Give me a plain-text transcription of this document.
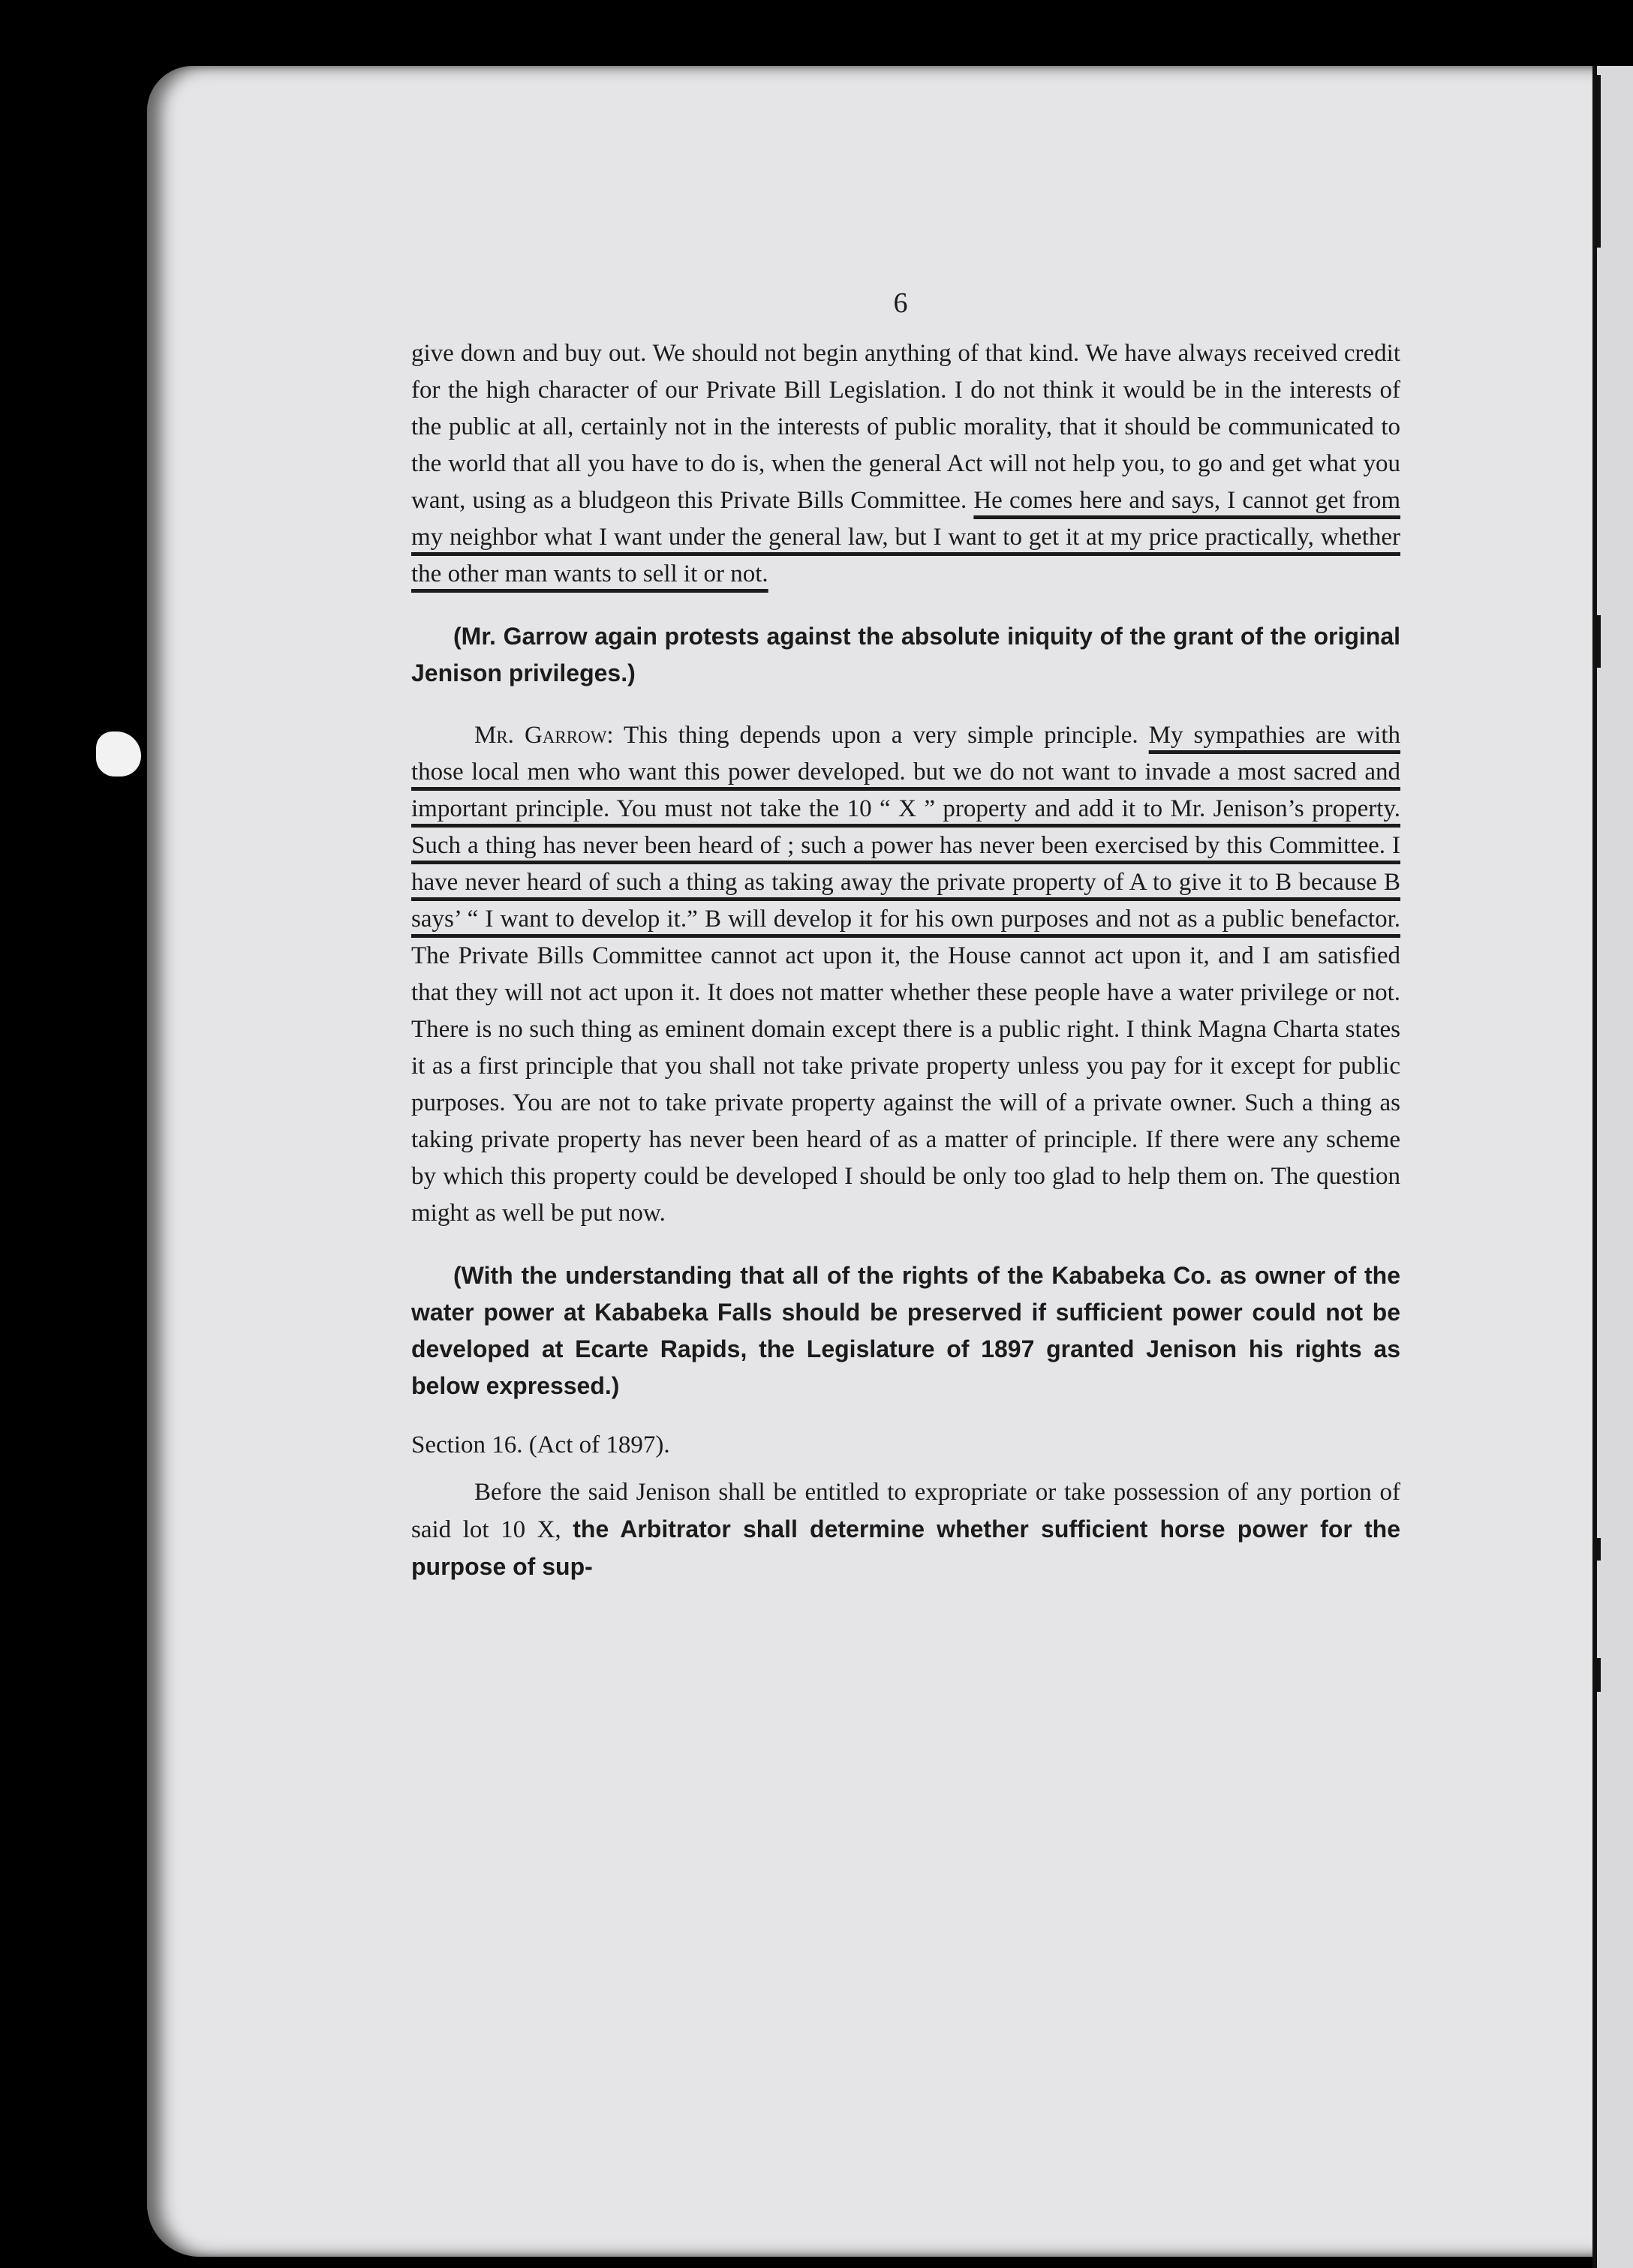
6

give down and buy out. We should not begin anything of that kind. We have always received credit for the high character of our Private Bill Legislation. I do not think it would be in the interests of the public at all, certainly not in the interests of public morality, that it should be communicated to the world that all you have to do is, when the general Act will not help you, to go and get what you want, using as a bludgeon this Private Bills Committee. He comes here and says, I cannot get from my neighbor what I want under the general law, but I want to get it at my price practically, whether the other man wants to sell it or not.

(Mr. Garrow again protests against the absolute iniquity of the grant of the original Jenison privileges.)

Mr. Garrow: This thing depends upon a very simple principle. My sympathies are with those local men who want this power developed. but we do not want to invade a most sacred and important principle. You must not take the 10 “ X ” property and add it to Mr. Jenison’s property. Such a thing has never been heard of ; such a power has never been exercised by this Committee. I have never heard of such a thing as taking away the private property of A to give it to B because B says’ “ I want to develop it.” B will develop it for his own purposes and not as a public benefactor. The Private Bills Committee cannot act upon it, the House cannot act upon it, and I am satisfied that they will not act upon it. It does not matter whether these people have a water privilege or not. There is no such thing as eminent domain except there is a public right. I think Magna Charta states it as a first principle that you shall not take private property unless you pay for it except for public purposes. You are not to take private property against the will of a private owner. Such a thing as taking private property has never been heard of as a matter of principle. If there were any scheme by which this property could be developed I should be only too glad to help them on. The question might as well be put now.

(With the understanding that all of the rights of the Kababeka Co. as owner of the water power at Kababeka Falls should be preserved if sufficient power could not be developed at Ecarte Rapids, the Legislature of 1897 granted Jenison his rights as below expressed.)

Section 16. (Act of 1897).

Before the said Jenison shall be entitled to expropriate or take possession of any portion of said lot 10 X, the Arbitrator shall determine whether sufficient horse power for the purpose of sup-
